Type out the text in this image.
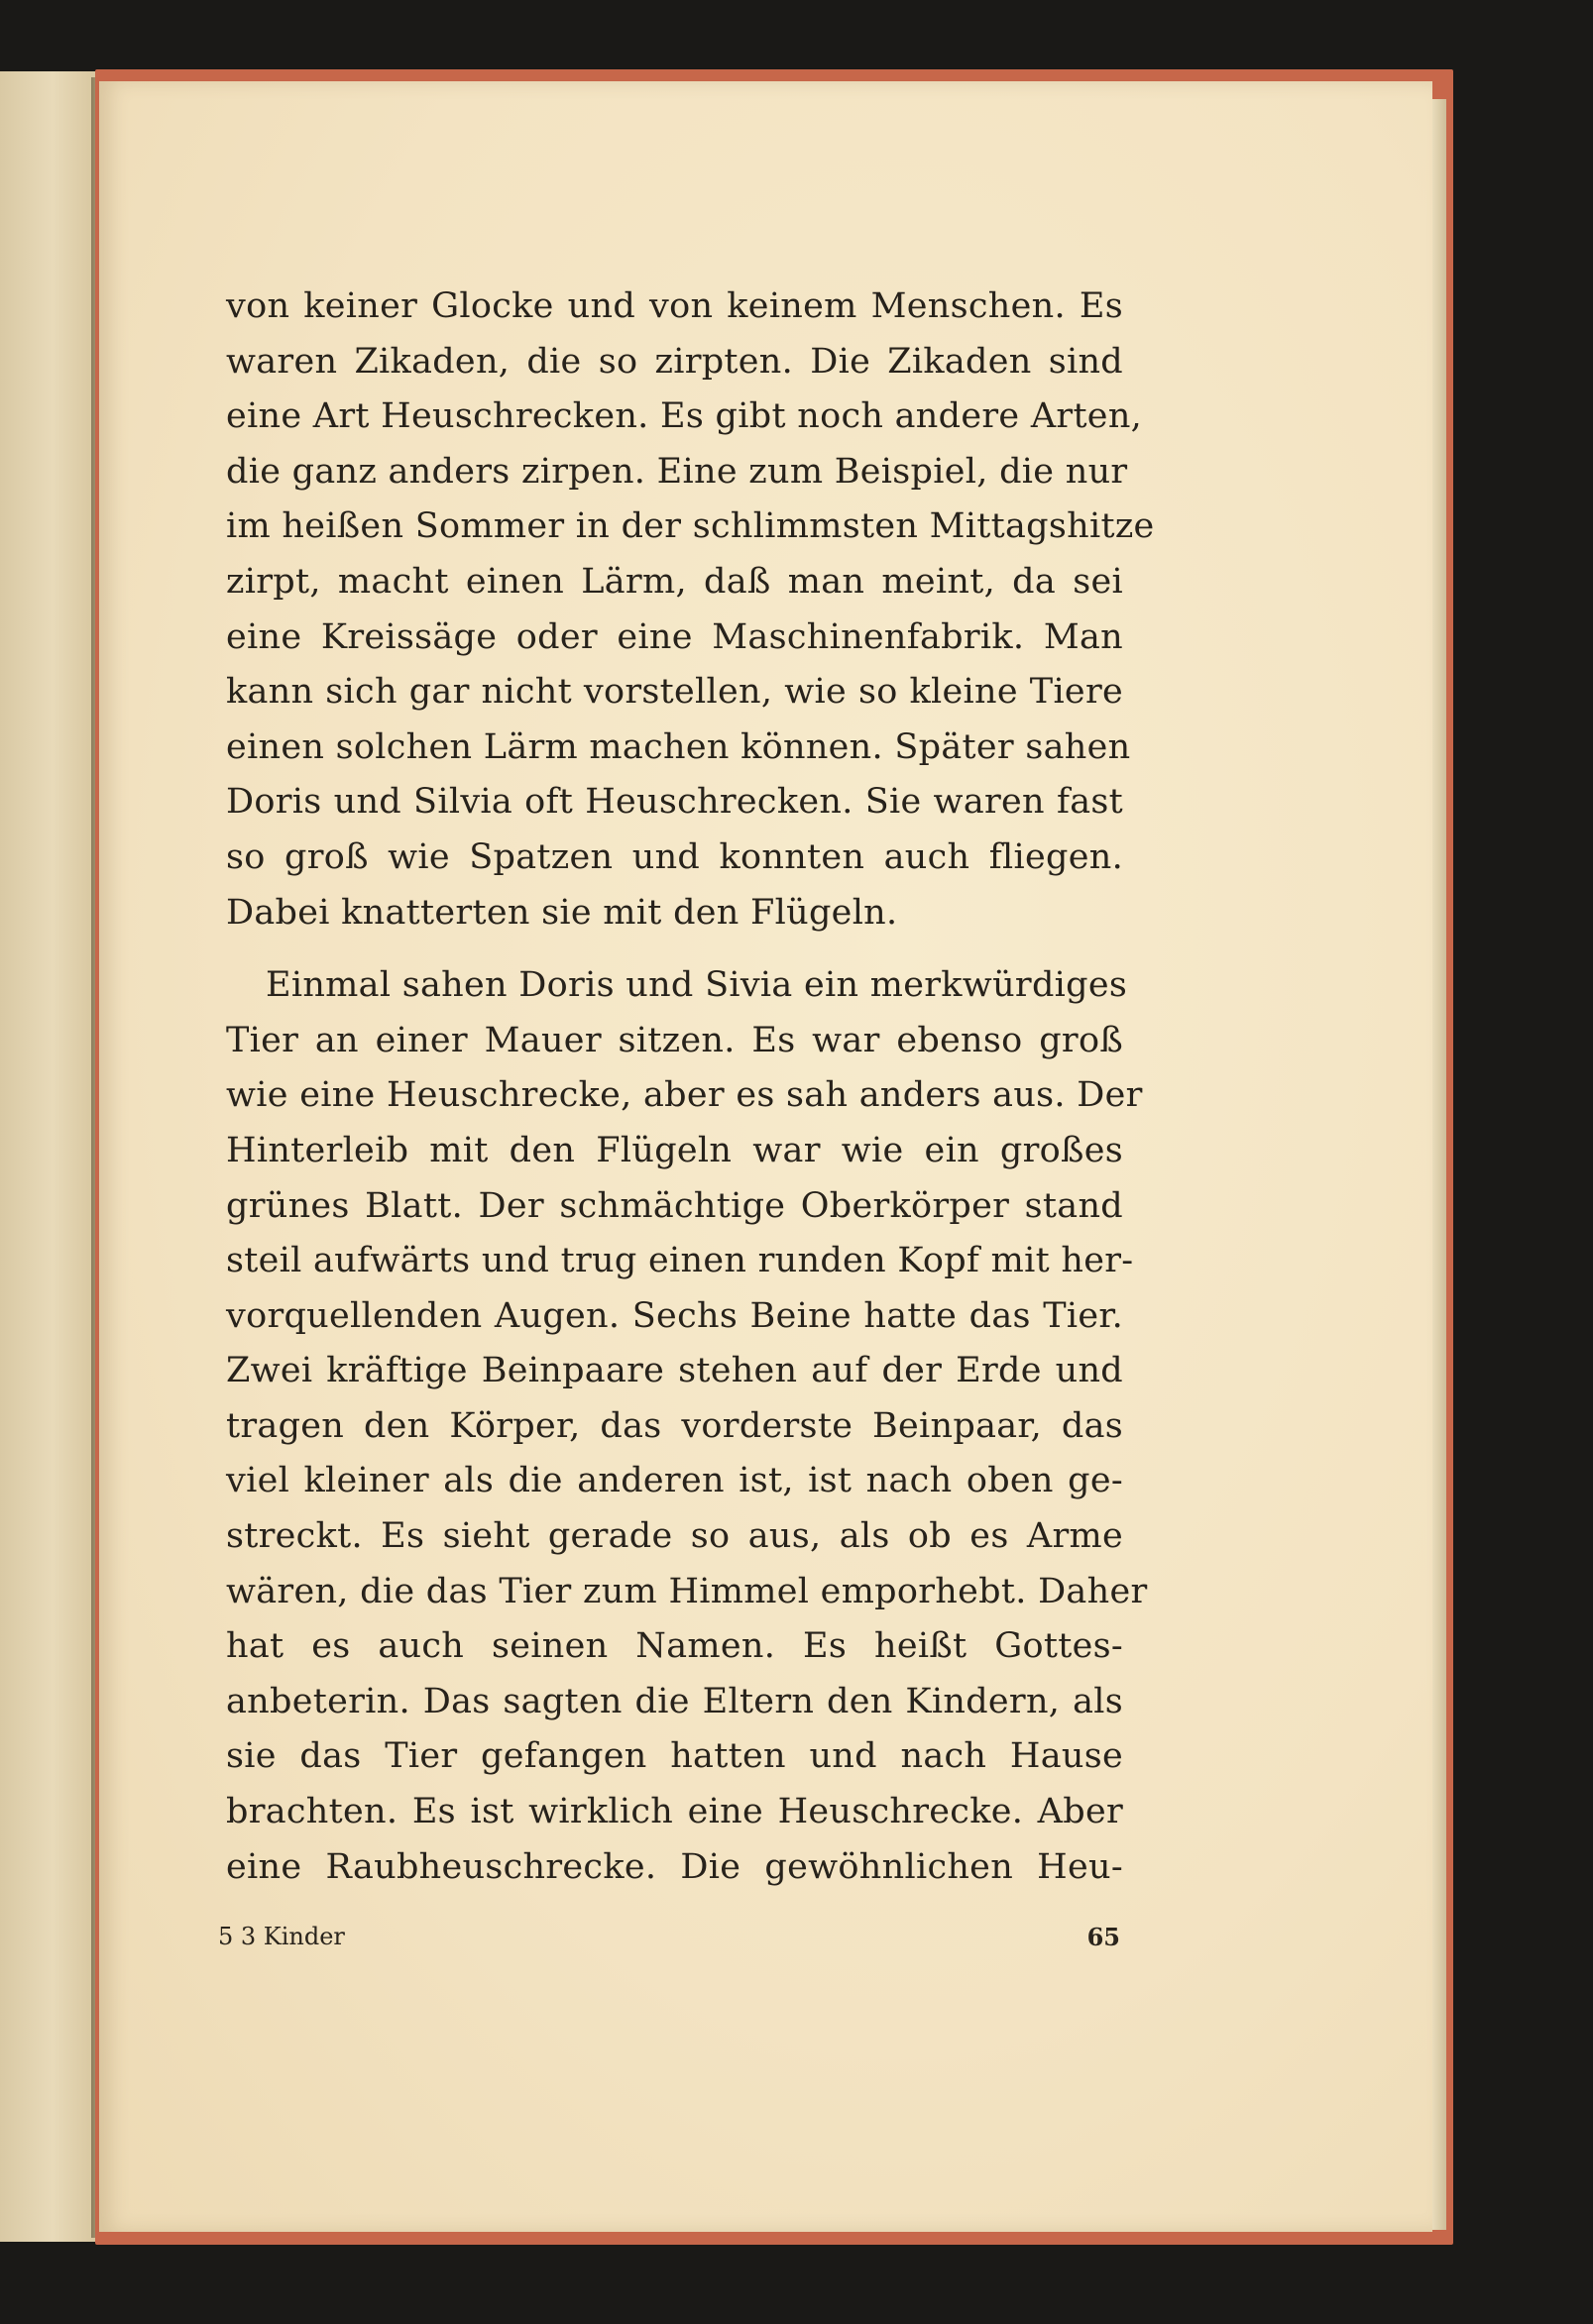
von keiner Glocke und von keinem Menschen. Es
waren Zikaden, die so zirpten. Die Zikaden sind
eine Art Heuschrecken. Es gibt noch andere Arten,
die ganz anders zirpen. Eine zum Beispiel, die nur
im heißen Sommer in der schlimmsten Mittagshitze
zirpt, macht einen Lärm, daß man meint, da sei
eine Kreissäge oder eine Maschinenfabrik. Man
kann sich gar nicht vorstellen, wie so kleine Tiere
einen solchen Lärm machen können. Später sahen
Doris und Silvia oft Heuschrecken. Sie waren fast
so groß wie Spatzen und konnten auch fliegen.
Dabei knatterten sie mit den Flügeln.
Einmal sahen Doris und Sivia ein merkwürdiges
Tier an einer Mauer sitzen. Es war ebenso groß
wie eine Heuschrecke, aber es sah anders aus. Der
Hinterleib mit den Flügeln war wie ein großes
grünes Blatt. Der schmächtige Oberkörper stand
steil aufwärts und trug einen runden Kopf mit her-
vorquellenden Augen. Sechs Beine hatte das Tier.
Zwei kräftige Beinpaare stehen auf der Erde und
tragen den Körper, das vorderste Beinpaar, das
viel kleiner als die anderen ist, ist nach oben ge-
streckt. Es sieht gerade so aus, als ob es Arme
wären, die das Tier zum Himmel emporhebt. Daher
hat es auch seinen Namen. Es heißt Gottes-
anbeterin. Das sagten die Eltern den Kindern, als
sie das Tier gefangen hatten und nach Hause
brachten. Es ist wirklich eine Heuschrecke. Aber
eine Raubheuschrecke. Die gewöhnlichen Heu-
5 3 Kinder	65
